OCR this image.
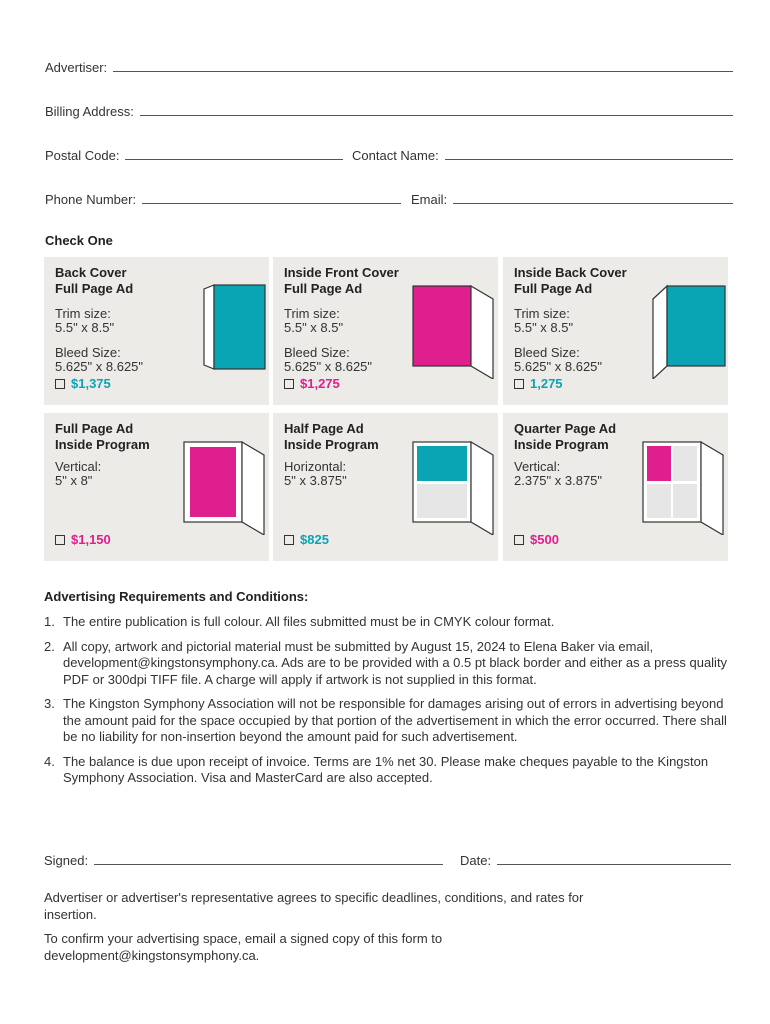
Advertiser:
Billing Address:
Postal Code:	Contact Name:
Phone Number:	Email:
Check One
Back Cover
Full Page Ad
Trim size:
5.5" x 8.5"
Bleed Size:
5.625" x 8.625"
$1,375
Inside Front Cover
Full Page Ad
Trim size:
5.5" x 8.5"
Bleed Size:
5.625" x 8.625"
$1,275
Inside Back Cover
Full Page Ad
Trim size:
5.5" x 8.5"
Bleed Size:
5.625" x 8.625"
1,275
Full Page Ad
Inside Program
Vertical:
5" x 8"
$1,150
Half Page Ad
Inside Program
Horizontal:
5" x 3.875"
$825
Quarter Page Ad
Inside Program
Vertical:
2.375" x 3.875"
$500
Advertising Requirements and Conditions:
1. The entire publication is full colour. All files submitted must be in CMYK colour format.
2. All copy, artwork and pictorial material must be submitted by August 15, 2024 to Elena Baker via email, development@kingstonsymphony.ca. Ads are to be provided with a 0.5 pt black border and either as a press quality PDF or 300dpi TIFF file. A charge will apply if artwork is not supplied in this format.
3. The Kingston Symphony Association will not be responsible for damages arising out of errors in advertising beyond the amount paid for the space occupied by that portion of the advertisement in which the error occurred. There shall be no liability for non-insertion beyond the amount paid for such advertisement.
4. The balance is due upon receipt of invoice. Terms are 1% net 30. Please make cheques payable to the Kingston Symphony Association. Visa and MasterCard are also accepted.
Signed:	Date:
Advertiser or advertiser's representative agrees to specific deadlines, conditions, and rates for insertion.
To confirm your advertising space, email a signed copy of this form to development@kingstonsymphony.ca.
